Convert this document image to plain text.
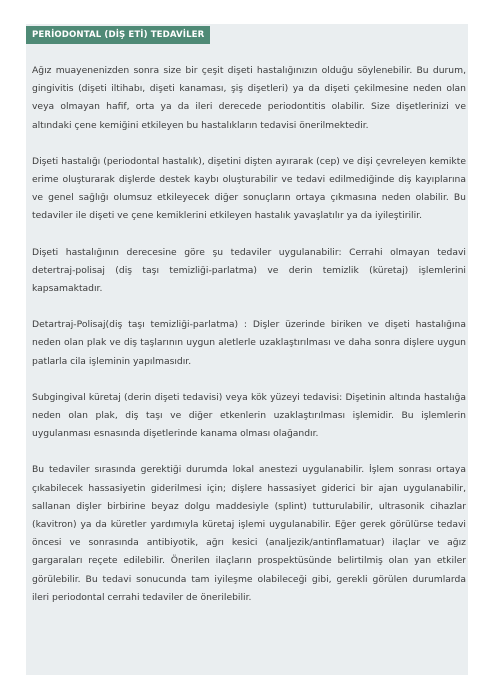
PERİODONTAL (DİŞ ETİ) TEDAVİLER

Ağız muayenenizden sonra size bir çeşit dişeti hastalığınızın olduğu söylenebilir. Bu durum, gingivitis (dişeti iltihabı, dişeti kanaması, şiş dişetleri) ya da dişeti çekilmesine neden olan veya olmayan hafif, orta ya da ileri derecede periodontitis olabilir. Size dişetlerinizi ve altındaki çene kemiğini etkileyen bu hastalıkların tedavisi önerilmektedir.

Dişeti hastalığı (periodontal hastalık), dişetini dişten ayırarak (cep) ve dişi çevreleyen kemikte erime oluşturarak dişlerde destek kaybı oluşturabilir ve tedavi edilmediğinde diş kayıplarına ve genel sağlığı olumsuz etkileyecek diğer sonuçların ortaya çıkmasına neden olabilir. Bu tedaviler ile dişeti ve çene kemiklerini etkileyen hastalık yavaşlatılır ya da iyileştirilir.

Dişeti hastalığının derecesine göre şu tedaviler uygulanabilir: Cerrahi olmayan tedavi detertraj-polisaj (diş taşı temizliği-parlatma) ve derin temizlik (küretaj) işlemlerini kapsamaktadır.

Detartraj-Polisaj(diş taşı temizliği-parlatma) : Dişler üzerinde biriken ve dişeti hastalığına neden olan plak ve diş taşlarının uygun aletlerle uzaklaştırılması ve daha sonra dişlere uygun patlarla cila işleminin yapılmasıdır.

Subgingival küretaj (derin dişeti tedavisi) veya kök yüzeyi tedavisi: Dişetinin altında hastalığa neden olan plak, diş taşı ve diğer etkenlerin uzaklaştırılması işlemidir. Bu işlemlerin uygulanması esnasında dişetlerinde kanama olması olağandır.

Bu tedaviler sırasında gerektiği durumda lokal anestezi uygulanabilir. İşlem sonrası ortaya çıkabilecek hassasiyetin giderilmesi için; dişlere hassasiyet giderici bir ajan uygulanabilir, sallanan dişler birbirine beyaz dolgu maddesiyle (splint) tutturulabilir, ultrasonik cihazlar (kavitron) ya da küretler yardımıyla küretaj işlemi uygulanabilir. Eğer gerek görülürse tedavi öncesi ve sonrasında antibiyotik, ağrı kesici (analjezik/antinflamatuar) ilaçlar ve ağız gargaraları reçete edilebilir. Önerilen ilaçların prospektüsünde belirtilmiş olan yan etkiler görülebilir. Bu tedavi sonucunda tam iyileşme olabileceği gibi, gerekli görülen durumlarda ileri periodontal cerrahi tedaviler de önerilebilir.
